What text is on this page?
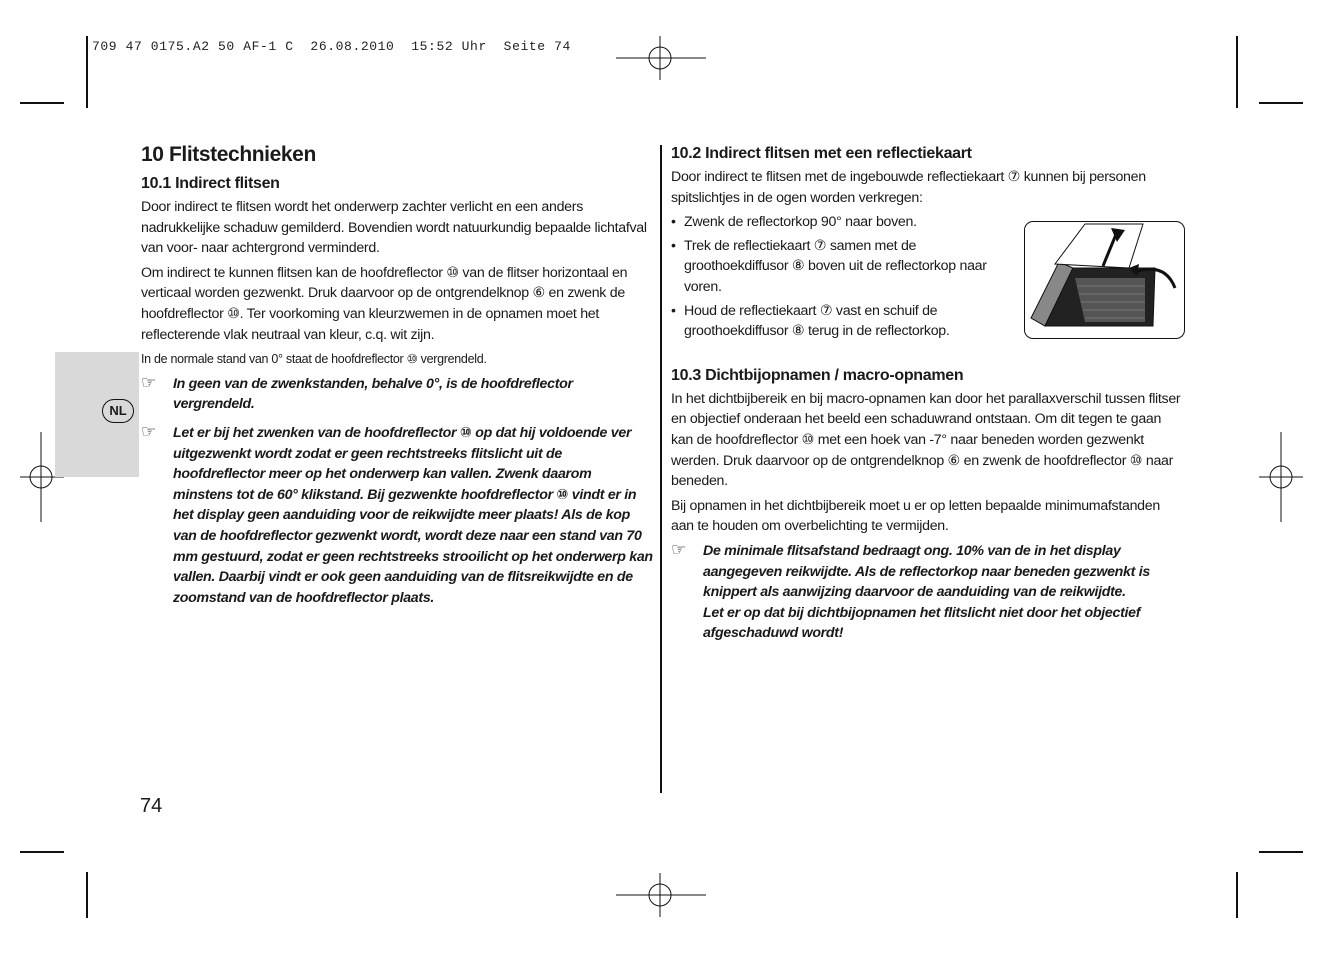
709 47 0175.A2 50 AF-1 C  26.08.2010  15:52 Uhr  Seite 74
NL
10 Flitstechnieken
10.1 Indirect flitsen

Door indirect te flitsen wordt het onderwerp zachter verlicht en een anders nadrukkelijke schaduw gemilderd. Bovendien wordt natuurkundig bepaalde lichtafval van voor- naar achtergrond verminderd.

Om indirect te kunnen flitsen kan de hoofdreflector ⑩ van de flitser horizontaal en verticaal worden gezwenkt. Druk daarvoor op de ontgrendelknop ⑥ en zwenk de hoofdreflector ⑩. Ter voorkoming van kleurzwemen in de opnamen moet het reflecterende vlak neutraal van kleur, c.q. wit zijn.

In de normale stand van 0° staat de hoofdreflector ⑩ vergrendeld.

☞ In geen van de zwenkstanden, behalve 0°, is de hoofdreflector vergrendeld.
☞ Let er bij het zwenken van de hoofdreflector ⑩ op dat hij voldoende ver uitgezwenkt wordt zodat er geen rechtstreeks flitslicht uit de hoofdreflector meer op het onderwerp kan vallen. Zwenk daarom minstens tot de 60° klikstand. Bij gezwenkte hoofdreflector ⑩ vindt er in het display geen aanduiding voor de reikwijdte meer plaats! Als de kop van de hoofdreflector gezwenkt wordt, wordt deze naar een stand van 70 mm gestuurd, zodat er geen rechtstreeks strooilicht op het onderwerp kan vallen. Daarbij vindt er ook geen aanduiding van de flitsreikwijdte en de zoomstand van de hoofdreflector plaats.
10.2 Indirect flitsen met een reflectiekaart

Door indirect te flitsen met de ingebouwde reflectiekaart ⑦ kunnen bij personen spitslichtjes in de ogen worden verkregen:

• Zwenk de reflectorkop 90° naar boven.
• Trek de reflectiekaart ⑦ samen met de groothoekdiffusor ⑧ boven uit de reflectorkop naar voren.
• Houd de reflectiekaart ⑦ vast en schuif de groothoekdiffusor ⑧ terug in de reflectorkop.
10.3 Dichtbijopnamen / macro-opnamen

In het dichtbijbereik en bij macro-opnamen kan door het parallaxverschil tussen flitser en objectief onderaan het beeld een schaduwrand ontstaan. Om dit tegen te gaan kan de hoofdreflector ⑩ met een hoek van -7° naar beneden worden gezwenkt werden. Druk daarvoor op de ontgrendelknop ⑥ en zwenk de hoofdreflector ⑩ naar beneden.

Bij opnamen in het dichtbijbereik moet u er op letten bepaalde minimumafstanden aan te houden om overbelichting te vermijden.

☞ De minimale flitsafstand bedraagt ong. 10% van de in het display aangegeven reikwijdte. Als de reflectorkop naar beneden gezwenkt is knippert als aanwijzing daarvoor de aanduiding van de reikwijdte.
Let er op dat bij dichtbijopnamen het flitslicht niet door het objectief afgeschaduwd wordt!
74
